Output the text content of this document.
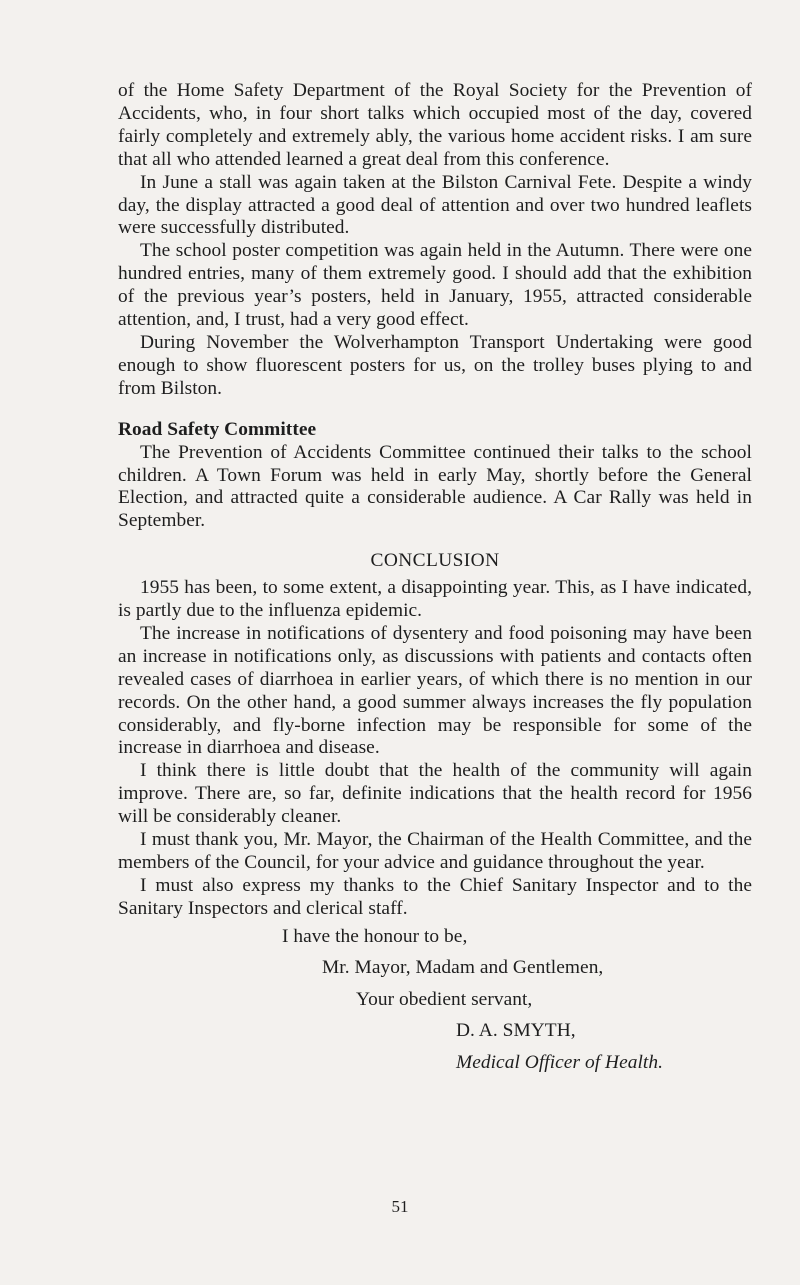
of the Home Safety Department of the Royal Society for the Prevention of Accidents, who, in four short talks which occupied most of the day, covered fairly completely and extremely ably, the various home accident risks. I am sure that all who attended learned a great deal from this conference.

In June a stall was again taken at the Bilston Carnival Fete. Despite a windy day, the display attracted a good deal of attention and over two hundred leaflets were successfully distributed.

The school poster competition was again held in the Autumn. There were one hundred entries, many of them extremely good. I should add that the exhibition of the previous year’s posters, held in January, 1955, attracted considerable attention, and, I trust, had a very good effect.

During November the Wolverhampton Transport Undertaking were good enough to show fluorescent posters for us, on the trolley buses plying to and from Bilston.

Road Safety Committee

The Prevention of Accidents Committee continued their talks to the school children. A Town Forum was held in early May, shortly before the General Election, and attracted quite a considerable audience. A Car Rally was held in September.

CONCLUSION

1955 has been, to some extent, a disappointing year. This, as I have indicated, is partly due to the influenza epidemic.

The increase in notifications of dysentery and food poisoning may have been an increase in notifications only, as discussions with patients and contacts often revealed cases of diarrhoea in earlier years, of which there is no mention in our records. On the other hand, a good summer always increases the fly population considerably, and fly-borne infection may be responsible for some of the increase in diarrhoea and disease.

I think there is little doubt that the health of the community will again improve. There are, so far, definite indications that the health record for 1956 will be considerably cleaner.

I must thank you, Mr. Mayor, the Chairman of the Health Committee, and the members of the Council, for your advice and guidance throughout the year.

I must also express my thanks to the Chief Sanitary Inspector and to the Sanitary Inspectors and clerical staff.

I have the honour to be,
Mr. Mayor, Madam and Gentlemen,
Your obedient servant,
D. A. SMYTH,
Medical Officer of Health.
51
